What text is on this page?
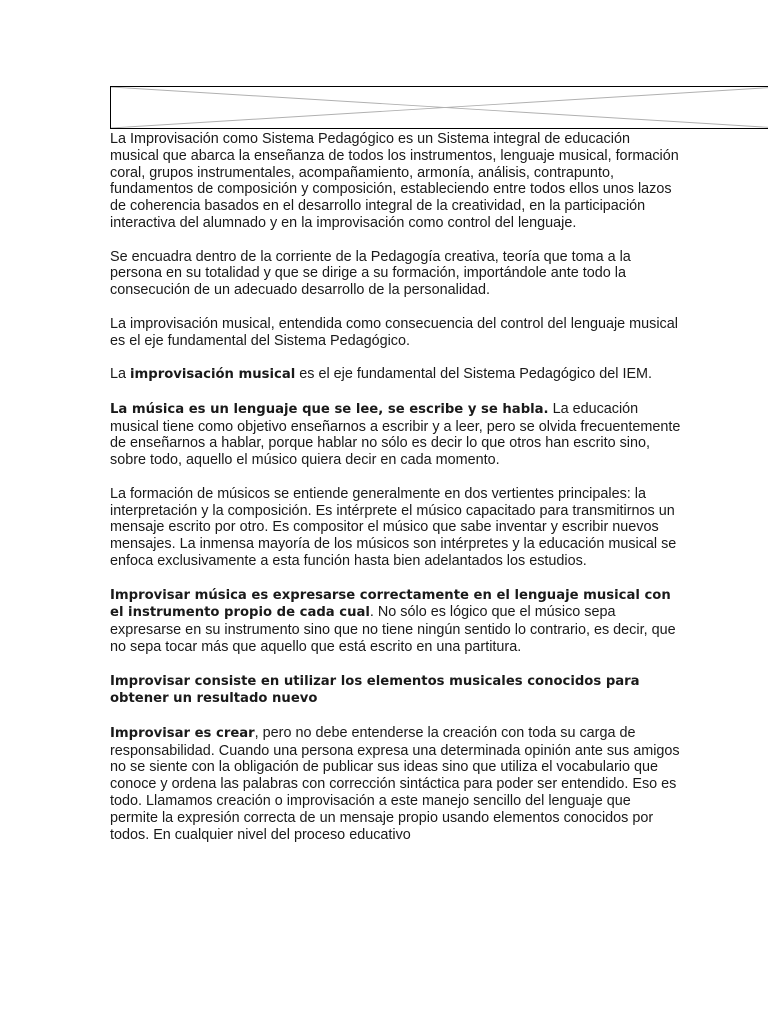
La Improvisación como Sistema Pedagógico es un Sistema integral de educación musical que abarca la enseñanza de todos los instrumentos, lenguaje musical, formación coral, grupos instrumentales, acompañamiento, armonía, análisis, contrapunto, fundamentos de composición y composición, estableciendo entre todos ellos unos lazos de coherencia basados en el desarrollo integral de la creatividad, en la participación interactiva del alumnado y en la improvisación como control del lenguaje.

Se encuadra dentro de la corriente de la Pedagogía creativa, teoría que toma a la persona en su totalidad y que se dirige a su formación, importándole ante todo la consecución de un adecuado desarrollo de la personalidad.

La improvisación musical, entendida como consecuencia del control del lenguaje musical es el eje fundamental del Sistema Pedagógico.

La improvisación musical es el eje fundamental del Sistema Pedagógico del IEM.

La música es un lenguaje que se lee, se escribe y se habla. La educación musical tiene como objetivo enseñarnos a escribir y a leer, pero se olvida frecuentemente de enseñarnos a hablar, porque hablar no sólo es decir lo que otros han escrito sino, sobre todo, aquello el músico quiera decir en cada momento.

La formación de músicos se entiende generalmente en dos vertientes principales: la interpretación y la composición. Es intérprete el músico capacitado para transmitirnos un mensaje escrito por otro. Es compositor el músico que sabe inventar y escribir nuevos mensajes. La inmensa mayoría de los músicos son intérpretes y la educación musical se enfoca exclusivamente a esta función hasta bien adelantados los estudios.

Improvisar música es expresarse correctamente en el lenguaje musical con el instrumento propio de cada cual. No sólo es lógico que el músico sepa expresarse en su instrumento sino que no tiene ningún sentido lo contrario, es decir, que no sepa tocar más que aquello que está escrito en una partitura.

Improvisar consiste en utilizar los elementos musicales conocidos para obtener un resultado nuevo

Improvisar es crear, pero no debe entenderse la creación con toda su carga de responsabilidad. Cuando una persona expresa una determinada opinión ante sus amigos no se siente con la obligación de publicar sus ideas sino que utiliza el vocabulario que conoce y ordena las palabras con corrección sintáctica para poder ser entendido. Eso es todo. Llamamos creación o improvisación a este manejo sencillo del lenguaje que permite la expresión correcta de un mensaje propio usando elementos conocidos por todos. En cualquier nivel del proceso educativo
